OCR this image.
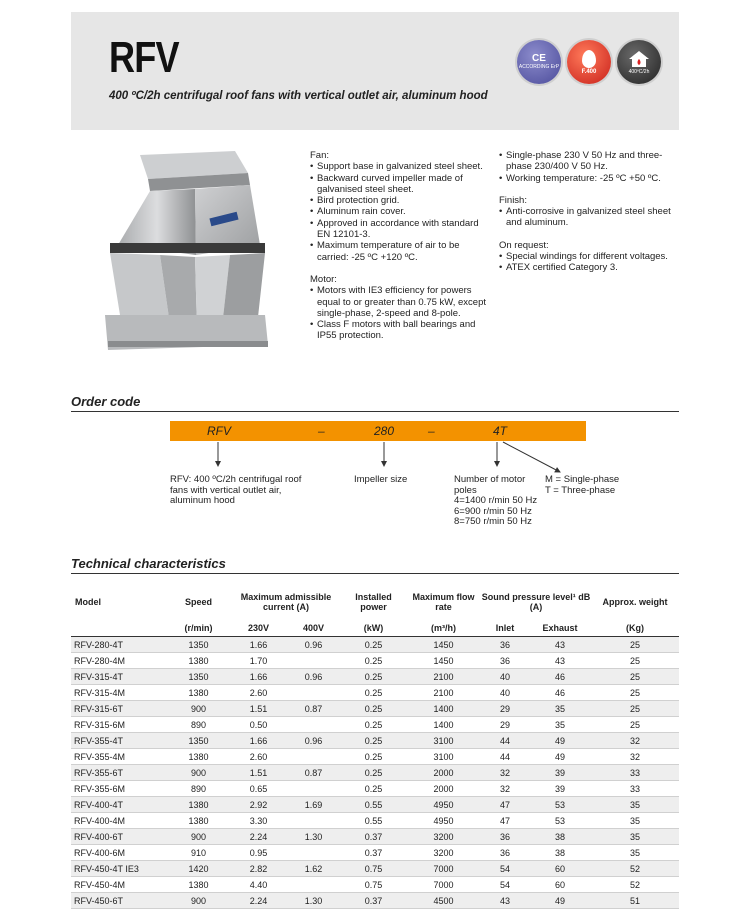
RFV

400 ºC/2h centrifugal roof fans with vertical outlet air, aluminum hood

CE
ACCORDING ErP
F.400	400ºC/2h

Fan:

• Support base in galvanized steel sheet.
• Backward curved impeller made of galvanised steel sheet.
• Bird protection grid.
• Aluminum rain cover.
• Approved in accordance with standard EN 12101-3.
• Maximum temperature of air to be carried: -25 ºC +120 ºC.

Motor:

• Motors with IE3 efficiency for powers equal to or greater than 0.75 kW, except single-phase, 2-speed and 8-pole.
• Class F motors with ball bearings and IP55 protection.
• Single-phase 230 V 50 Hz and three-phase 230/400 V 50 Hz.
• Working temperature: -25 ºC +50 ºC.

Finish:

• Anti-corrosive in galvanized steel sheet and aluminum.

On request:

• Special windings for different voltages.
• ATEX certified Category 3.
Order code
RFV	–	280	–	4T
RFV: 400 ºC/2h centrifugal roof fans with vertical outlet air, aluminum hood
Impeller size	Number of motor poles
4=1400 r/min 50 Hz
6=900 r/min 50 Hz
8=750 r/min 50 Hz
M = Single-phase
T = Three-phase
Technical characteristics
Model	Speed	Maximum admissible current (A)		Installed power	Maximum flow rate	Sound pressure level¹ dB (A)		Approx. weight
	(r/min)	230V	400V	(kW)	(m³/h)	Inlet	Exhaust	(Kg)
RFV-280-4T	1350	1.66	0.96	0.25	1450	36	43	25
RFV-280-4M	1380	1.70		0.25	1450	36	43	25
RFV-315-4T	1350	1.66	0.96	0.25	2100	40	46	25
RFV-315-4M	1380	2.60		0.25	2100	40	46	25
RFV-315-6T	900	1.51	0.87	0.25	1400	29	35	25
RFV-315-6M	890	0.50		0.25	1400	29	35	25
RFV-355-4T	1350	1.66	0.96	0.25	3100	44	49	32
RFV-355-4M	1380	2.60		0.25	3100	44	49	32
RFV-355-6T	900	1.51	0.87	0.25	2000	32	39	33
RFV-355-6M	890	0.65		0.25	2000	32	39	33
RFV-400-4T	1380	2.92	1.69	0.55	4950	47	53	35
RFV-400-4M	1380	3.30		0.55	4950	47	53	35
RFV-400-6T	900	2.24	1.30	0.37	3200	36	38	35
RFV-400-6M	910	0.95		0.37	3200	36	38	35
RFV-450-4T IE3	1420	2.82	1.62	0.75	7000	54	60	52
RFV-450-4M	1380	4.40		0.75	7000	54	60	52
RFV-450-6T	900	2.24	1.30	0.37	4500	43	49	51
